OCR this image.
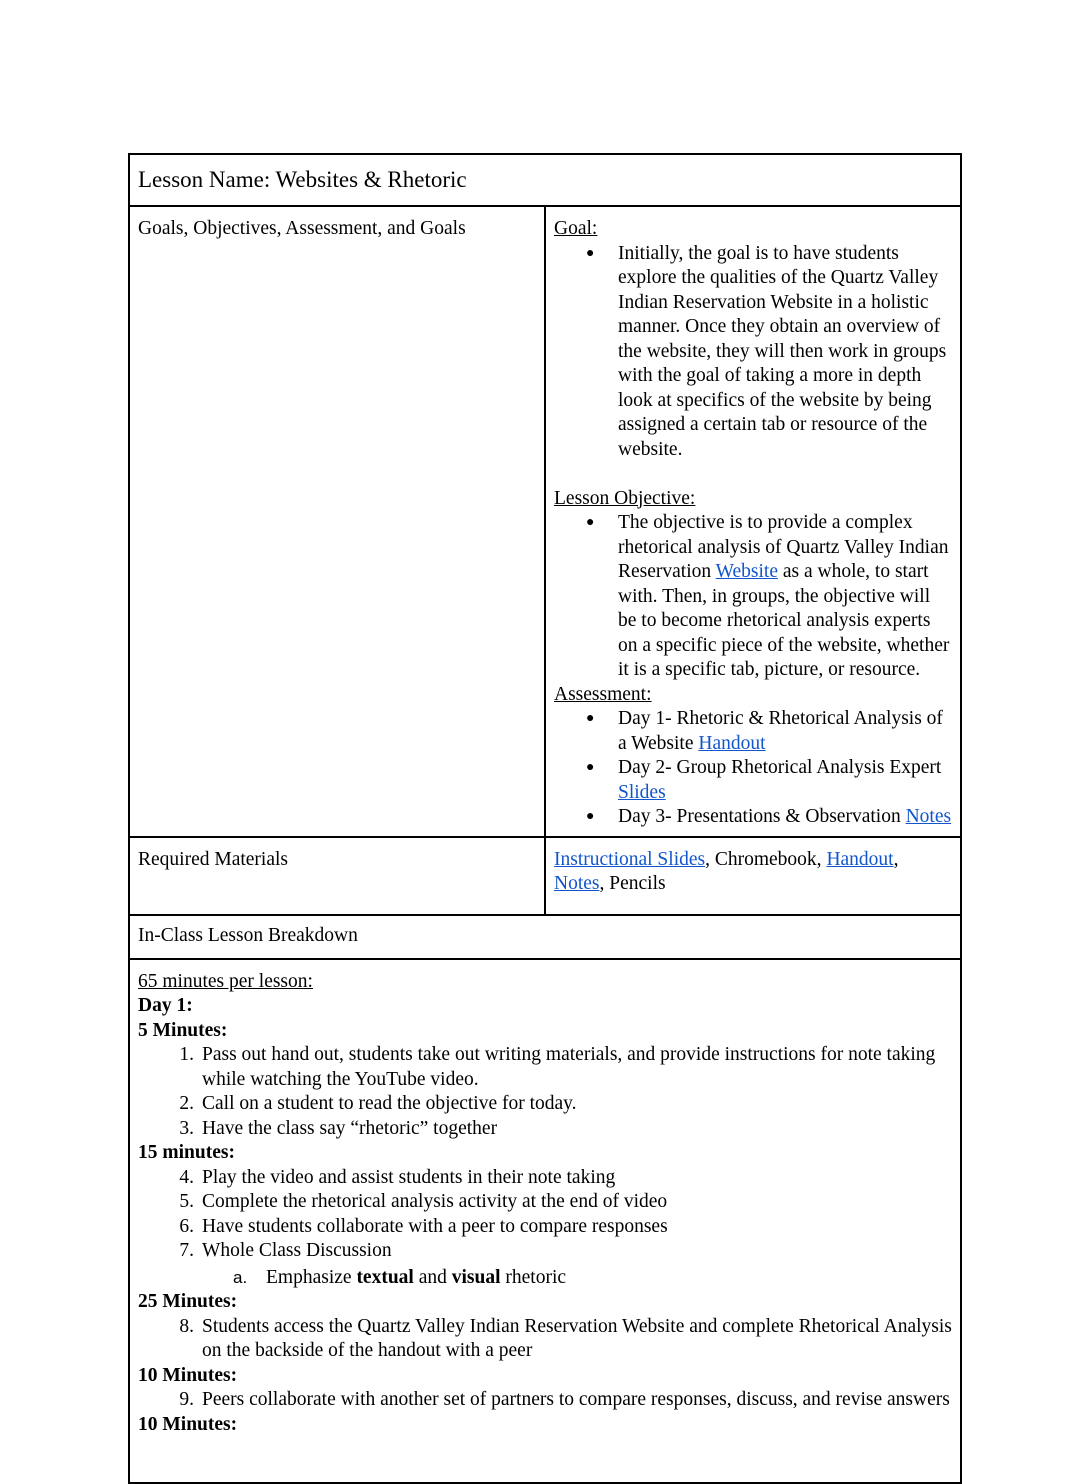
Lesson Name: Websites & Rhetoric	
Goals, Objectives, Assessment, and Goals	Goal:
● Initially, the goal is to have students explore the qualities of the Quartz Valley Indian Reservation Website in a holistic manner. Once they obtain an overview of the website, they will then work in groups with the goal of taking a more in depth look at specifics of the website by being assigned a certain tab or resource of the website.
Lesson Objective:
● The objective is to provide a complex rhetorical analysis of Quartz Valley Indian Reservation Website as a whole, to start with. Then, in groups, the objective will be to become rhetorical analysis experts on a specific piece of the website, whether it is a specific tab, picture, or resource.
Assessment:
● Day 1- Rhetoric & Rhetorical Analysis of a Website Handout
● Day 2- Group Rhetorical Analysis Expert Slides
● Day 3- Presentations & Observation Notes

Required Materials	Instructional Slides, Chromebook, Handout, Notes, Pencils
In-Class Lesson Breakdown	

65 minutes per lesson:
Day 1:
5 Minutes:
1. Pass out hand out, students take out writing materials, and provide instructions for note taking while watching the YouTube video.
2. Call on a student to read the objective for today.
3. Have the class say “rhetoric” together
15 minutes:
4. Play the video and assist students in their note taking
5. Complete the rhetorical analysis activity at the end of video
6. Have students collaborate with a peer to compare responses
7. Whole Class Discussion
a. Emphasize textual and visual rhetoric
25 Minutes:
8. Students access the Quartz Valley Indian Reservation Website and complete Rhetorical Analysis on the backside of the handout with a peer
10 Minutes:
9. Peers collaborate with another set of partners to compare responses, discuss, and revise answers
10 Minutes:
